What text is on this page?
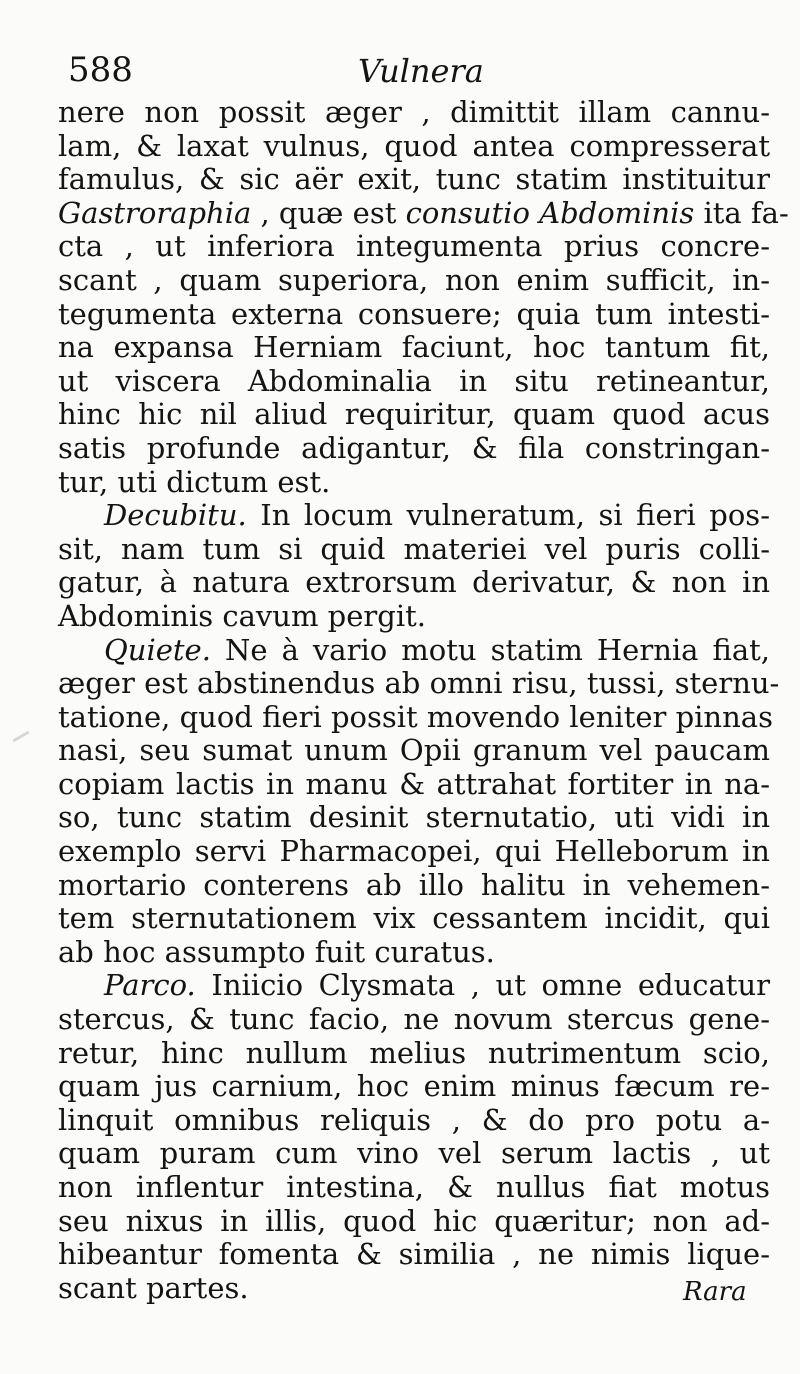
588	Vulnera
nere non possit æger , dimittit illam cannu-
lam, & laxat vulnus, quod antea compresserat
famulus, & sic aër exit, tunc statim instituitur
Gastroraphia , quæ est consutio Abdominis ita fa-
cta , ut inferiora integumenta prius concre-
scant , quam superiora, non enim sufficit, in-
tegumenta externa consuere; quia tum intesti-
na expansa Herniam faciunt, hoc tantum fit,
ut viscera Abdominalia in situ retineantur,
hinc hic nil aliud requiritur, quam quod acus
satis profunde adigantur, & fila constringan-
tur, uti dictum est.
Decubitu. In locum vulneratum, si fieri pos-
sit, nam tum si quid materiei vel puris colli-
gatur, à natura extrorsum derivatur, & non in
Abdominis cavum pergit.
Quiete. Ne à vario motu statim Hernia fiat,
æger est abstinendus ab omni risu, tussi, sternu-
tatione, quod fieri possit movendo leniter pinnas
nasi, seu sumat unum Opii granum vel paucam
copiam lactis in manu & attrahat fortiter in na-
so, tunc statim desinit sternutatio, uti vidi in
exemplo servi Pharmacopei, qui Helleborum in
mortario conterens ab illo halitu in vehemen-
tem sternutationem vix cessantem incidit, qui
ab hoc assumpto fuit curatus.
Parco. Iniicio Clysmata , ut omne educatur
stercus, & tunc facio, ne novum stercus gene-
retur, hinc nullum melius nutrimentum scio,
quam jus carnium, hoc enim minus fæcum re-
linquit omnibus reliquis , & do pro potu a-
quam puram cum vino vel serum lactis , ut
non inflentur intestina, & nullus fiat motus
seu nixus in illis, quod hic quæritur; non ad-
hibeantur fomenta & similia , ne nimis lique-
scant partes.	Rara
